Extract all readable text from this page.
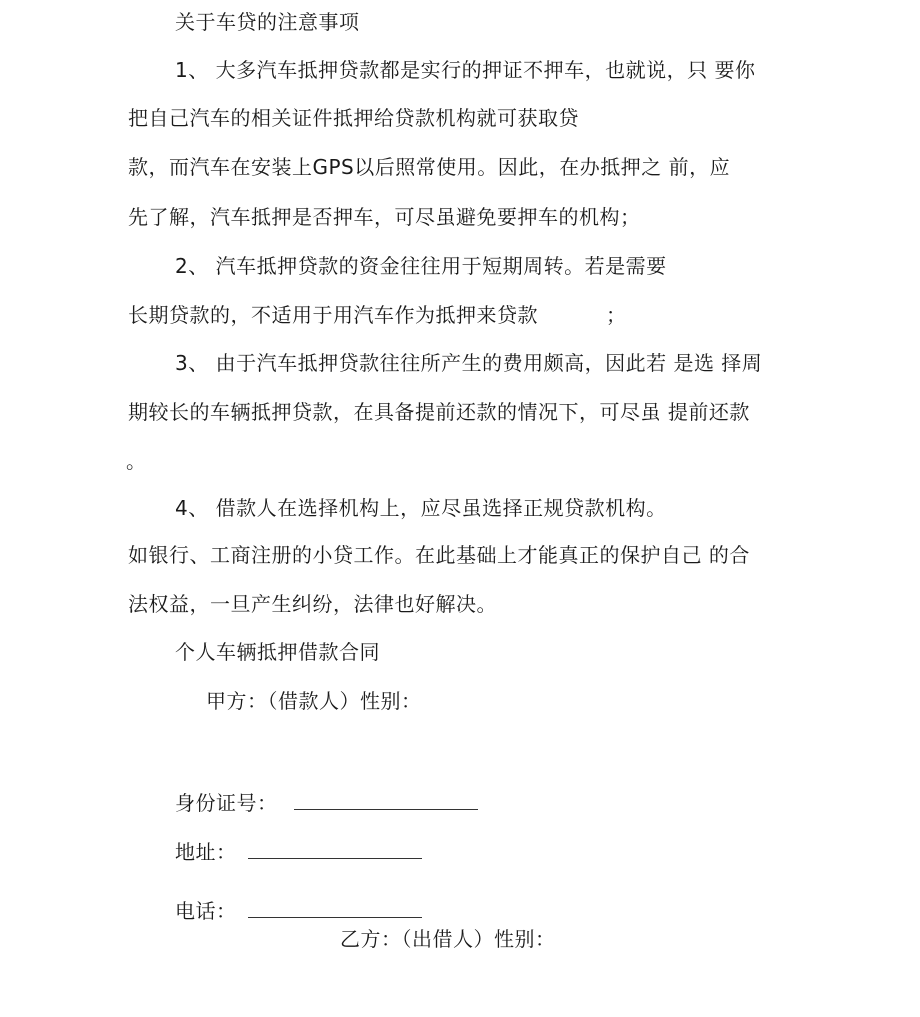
关于车贷的注意事项
1、 大多汽车抵押贷款都是实行的押证不押车，也就说，只 要你
把自己汽车的相关证件抵押给贷款机构就可获取贷
款，而汽车在安装上GPS以后照常使用。因此，在办抵押之 前，应
先了解，汽车抵押是否押车，可尽虽避免要押车的机构；
2、 汽车抵押贷款的资金往往用于短期周转。若是需要
长期贷款的，不适用于用汽车作为抵押来贷款	；
3、 由于汽车抵押贷款往往所产生的费用颇高，因此若 是选 择周
期较长的车辆抵押贷款，在具备提前还款的情况下，可尽虽 提前还款
。
4、 借款人在选择机构上，应尽虽选择正规贷款机构。
如银行、工商注册的小贷工作。在此基础上才能真正的保护自己 的合
法权益，一旦产生纠纷，法律也好解决。
个人车辆抵押借款合同
甲方：（借款人）性别：
身份证号：
地址：
电话：
乙方：（出借人）性别：
